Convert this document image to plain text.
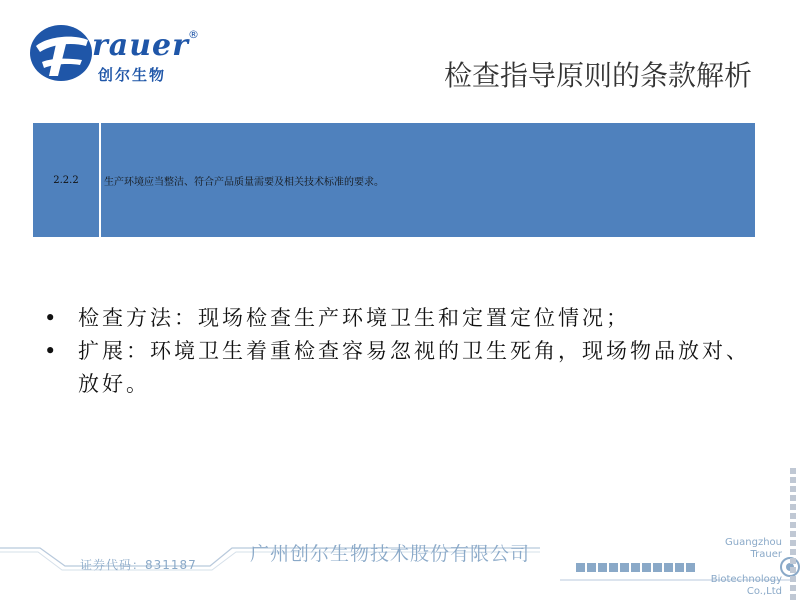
rauer ®
创尔生物	检查指导原则的条款解析
2.2.2	生产环境应当整洁、符合产品质量需要及相关技术标准的要求。
• 检查方法：现场检查生产环境卫生和定置定位情况；
• 扩展：环境卫生着重检查容易忽视的卫生死角，现场物品放对、放好。
证券代码：831187	广州创尔生物技术股份有限公司
Guangzhou
Trauer
Biotechnology
Co.,Ltd
